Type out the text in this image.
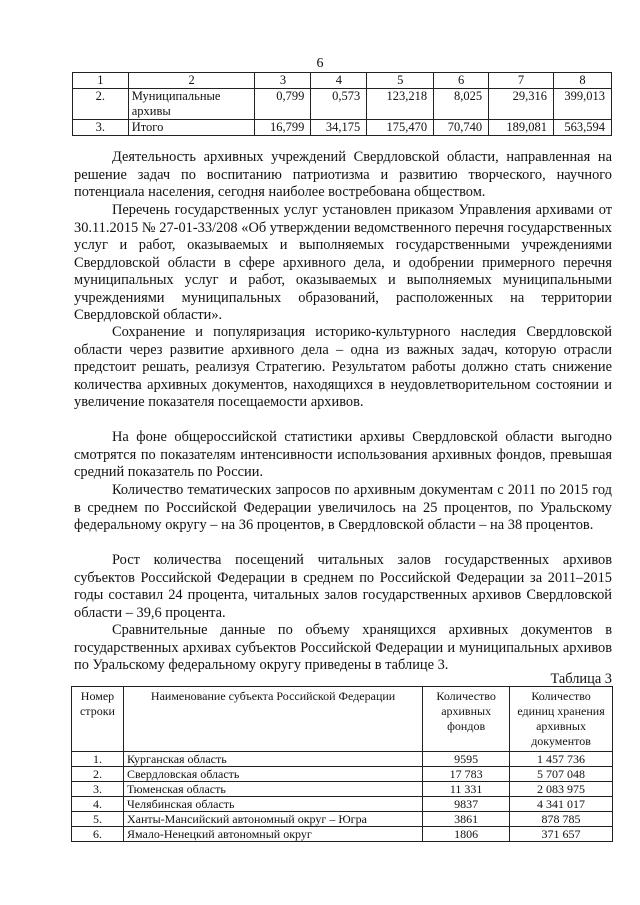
6
1	2	3	4	5	6	7	8
2.	Муниципальные архивы	0,799	0,573	123,218	8,025	29,316	399,013
3.	Итого	16,799	34,175	175,470	70,740	189,081	563,594

Деятельность архивных учреждений Свердловской области, направленная на решение задач по воспитанию патриотизма и развитию творческого, научного потенциала населения, сегодня наиболее востребована обществом.

Перечень государственных услуг установлен приказом Управления архивами от 30.11.2015 № 27-01-33/208 «Об утверждении ведомственного перечня государственных услуг и работ, оказываемых и выполняемых государственными учреждениями Свердловской области в сфере архивного дела, и одобрении примерного перечня муниципальных услуг и работ, оказываемых и выполняемых муниципальными учреждениями муниципальных образований, расположенных на территории Свердловской области».

Сохранение и популяризация историко-культурного наследия Свердловской области через развитие архивного дела – одна из важных задач, которую отрасли предстоит решать, реализуя Стратегию. Результатом работы должно стать снижение количества архивных документов, находящихся в неудовлетворительном состоянии и увеличение показателя посещаемости архивов.

На фоне общероссийской статистики архивы Свердловской области выгодно смотрятся по показателям интенсивности использования архивных фондов, превышая средний показатель по России.

Количество тематических запросов по архивным документам с 2011 по 2015 год в среднем по Российской Федерации увеличилось на 25 процентов, по Уральскому федеральному округу – на 36 процентов, в Свердловской области – на 38 процентов.

Рост количества посещений читальных залов государственных архивов субъектов Российской Федерации в среднем по Российской Федерации за 2011–2015 годы составил 24 процента, читальных залов государственных архивов Свердловской области – 39,6 процента.

Сравнительные данные по объему хранящихся архивных документов в государственных архивах субъектов Российской Федерации и муниципальных архивов по Уральскому федеральному округу приведены в таблице 3.

Таблица 3
Номер строки	Наименование субъекта Российской Федерации	Количество архивных фондов	Количество единиц хранения архивных документов
1.	Курганская область	9595	1 457 736
2.	Свердловская область	17 783	5 707 048
3.	Тюменская область	11 331	2 083 975
4.	Челябинская область	9837	4 341 017
5.	Ханты-Мансийский автономный округ – Югра	3861	878 785
6.	Ямало-Ненецкий автономный округ	1806	371 657
